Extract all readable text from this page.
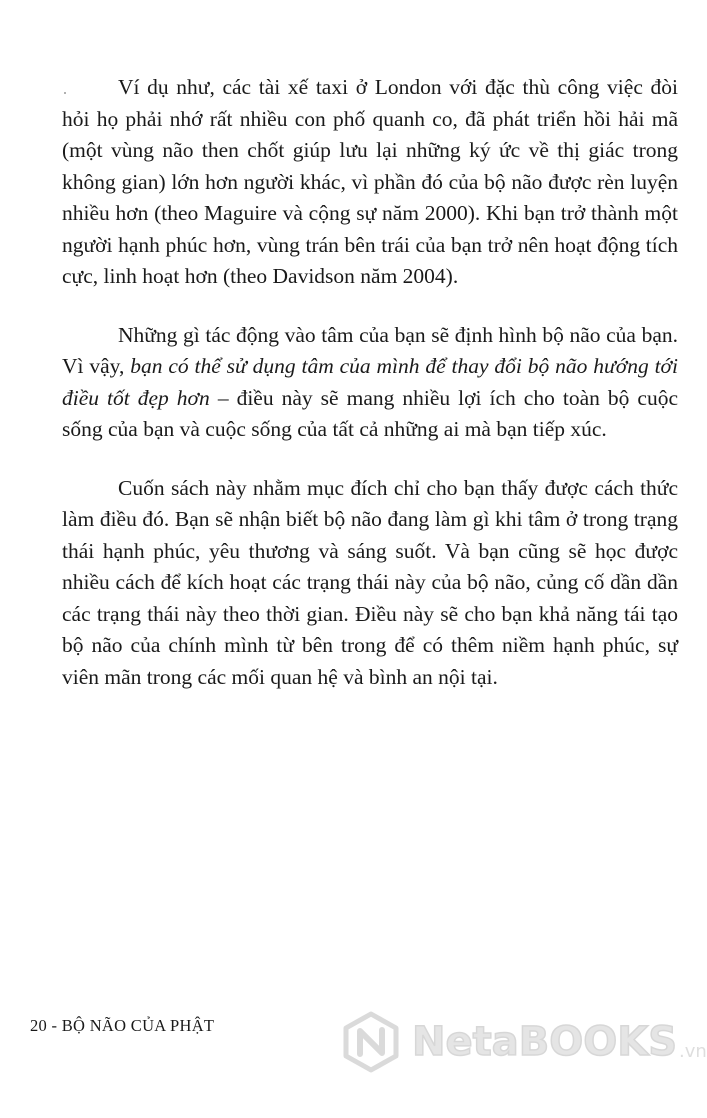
Ví dụ như, các tài xế taxi ở London với đặc thù công việc đòi hỏi họ phải nhớ rất nhiều con phố quanh co, đã phát triển hồi hải mã (một vùng não then chốt giúp lưu lại những ký ức về thị giác trong không gian) lớn hơn người khác, vì phần đó của bộ não được rèn luyện nhiều hơn (theo Maguire và cộng sự năm 2000). Khi bạn trở thành một người hạnh phúc hơn, vùng trán bên trái của bạn trở nên hoạt động tích cực, linh hoạt hơn (theo Davidson năm 2004).

Những gì tác động vào tâm của bạn sẽ định hình bộ não của bạn. Vì vậy, bạn có thể sử dụng tâm của mình để thay đổi bộ não hướng tới điều tốt đẹp hơn – điều này sẽ mang nhiều lợi ích cho toàn bộ cuộc sống của bạn và cuộc sống của tất cả những ai mà bạn tiếp xúc.

Cuốn sách này nhằm mục đích chỉ cho bạn thấy được cách thức làm điều đó. Bạn sẽ nhận biết bộ não đang làm gì khi tâm ở trong trạng thái hạnh phúc, yêu thương và sáng suốt. Và bạn cũng sẽ học được nhiều cách để kích hoạt các trạng thái này của bộ não, củng cố dần dần các trạng thái này theo thời gian. Điều này sẽ cho bạn khả năng tái tạo bộ não của chính mình từ bên trong để có thêm niềm hạnh phúc, sự viên mãn trong các mối quan hệ và bình an nội tại.

20 - BỘ NÃO CỦA PHẬT	NetaBOOKS .vn
